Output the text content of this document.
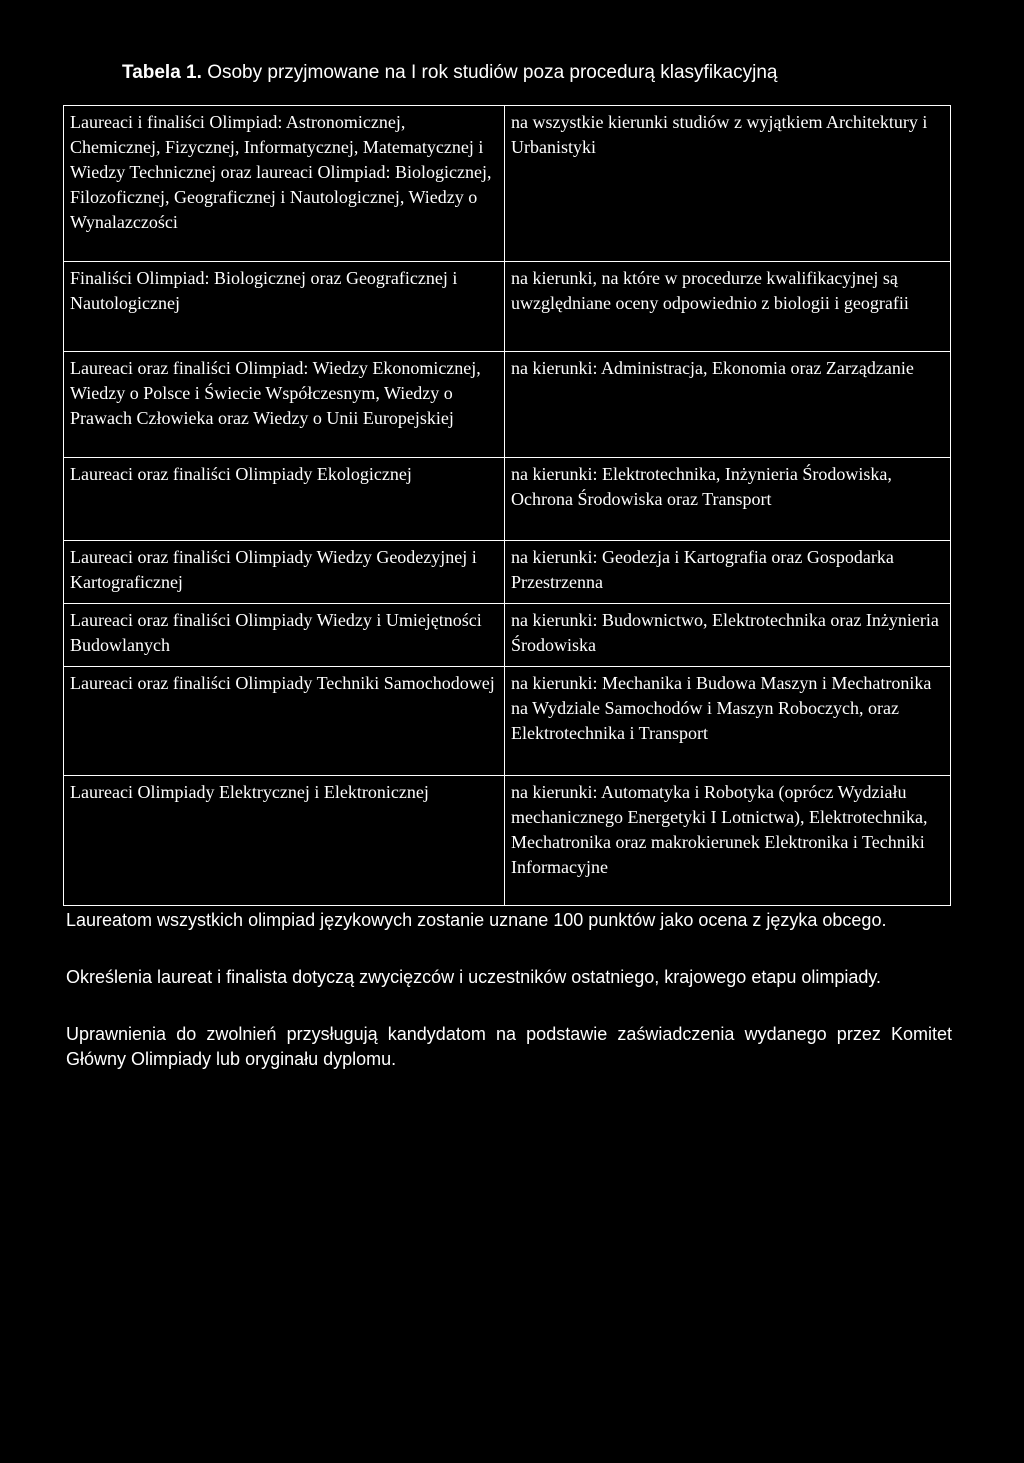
Tabela 1. Osoby przyjmowane na I rok studiów poza procedurą klasyfikacyjną
Laureaci i finaliści Olimpiad: Astronomicznej, Chemicznej, Fizycznej, Informatycznej, Matematycznej i Wiedzy Technicznej oraz laureaci Olimpiad: Biologicznej, Filozoficznej, Geograficznej i Nautologicznej, Wiedzy o Wynalazczości	na wszystkie kierunki studiów z wyjątkiem Architektury i Urbanistyki
Finaliści Olimpiad: Biologicznej oraz Geograficznej i Nautologicznej	na kierunki, na które w procedurze kwalifikacyjnej są uwzględniane oceny odpowiednio z biologii i geografii
Laureaci oraz finaliści Olimpiad: Wiedzy Ekonomicznej, Wiedzy o Polsce i Świecie Współczesnym, Wiedzy o Prawach Człowieka oraz Wiedzy o Unii Europejskiej	na kierunki: Administracja, Ekonomia oraz Zarządzanie
Laureaci oraz finaliści Olimpiady Ekologicznej	na kierunki: Elektrotechnika, Inżynieria Środowiska, Ochrona Środowiska oraz Transport
Laureaci oraz finaliści Olimpiady Wiedzy Geodezyjnej i Kartograficznej	na kierunki: Geodezja i Kartografia oraz Gospodarka Przestrzenna
Laureaci oraz finaliści Olimpiady Wiedzy i Umiejętności Budowlanych	na kierunki: Budownictwo, Elektrotechnika oraz Inżynieria Środowiska
Laureaci oraz finaliści Olimpiady Techniki Samochodowej	na kierunki: Mechanika i Budowa Maszyn i Mechatronika na Wydziale Samochodów i Maszyn Roboczych, oraz Elektrotechnika i Transport
Laureaci Olimpiady Elektrycznej i Elektronicznej	na kierunki: Automatyka i Robotyka (oprócz Wydziału mechanicznego Energetyki I Lotnictwa), Elektrotechnika, Mechatronika oraz makrokierunek Elektronika i Techniki Informacyjne

Laureatom wszystkich olimpiad językowych zostanie uznane 100 punktów jako ocena z języka obcego.

Określenia laureat i finalista dotyczą zwycięzców i uczestników ostatniego, krajowego etapu olimpiady.

Uprawnienia do zwolnień przysługują kandydatom na podstawie zaświadczenia wydanego przez Komitet Główny Olimpiady lub oryginału dyplomu.
